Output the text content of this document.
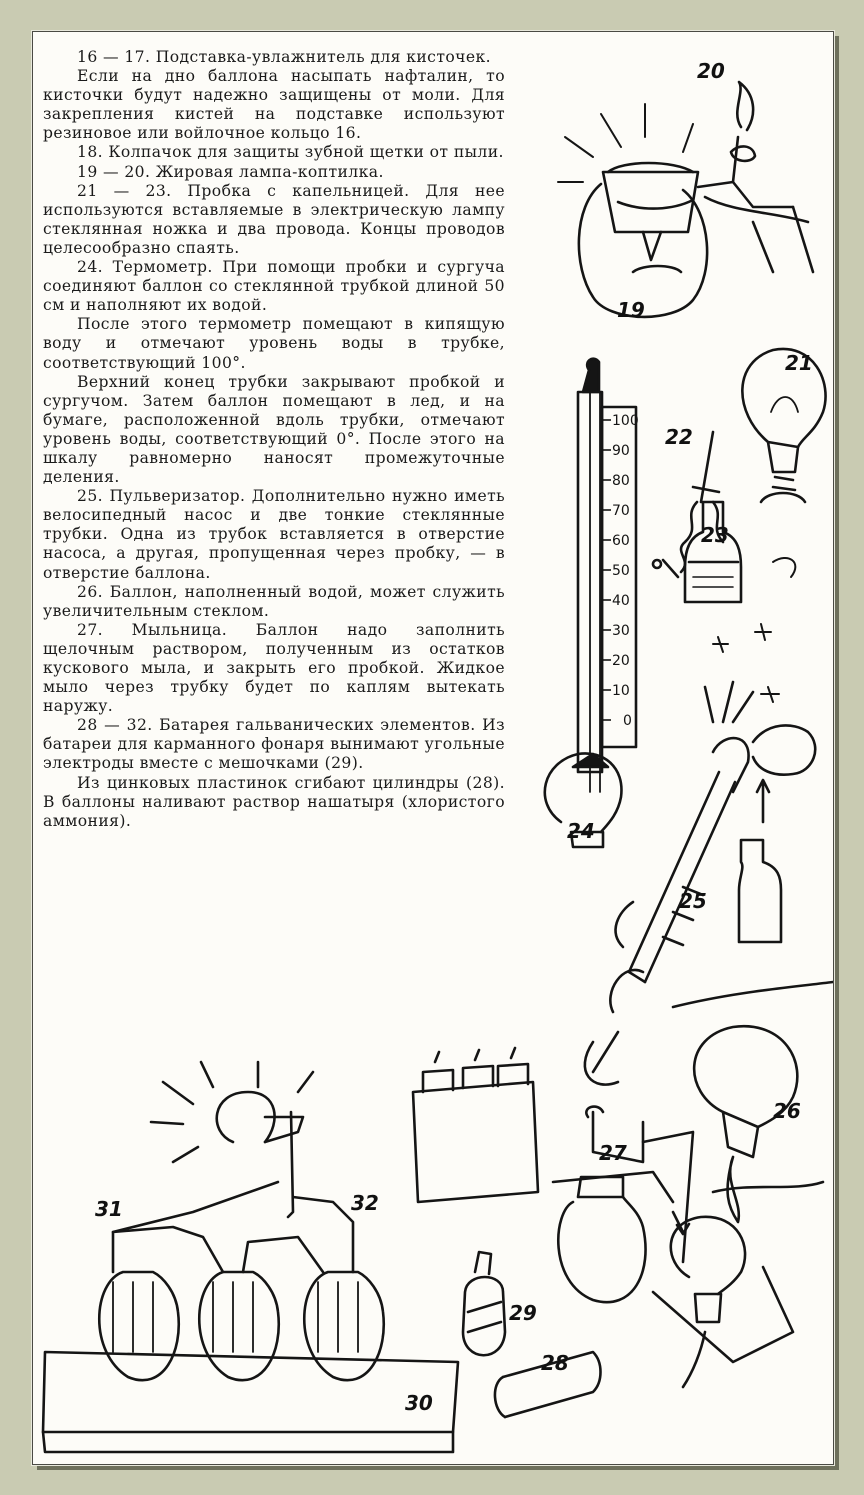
16 — 17. Подставка-увлажнитель для кисточек.

Если на дно баллона насыпать нафталин, то кисточки будут надежно защищены от моли. Для закрепления кистей на подставке используют резиновое или войлочное кольцо 16.

18. Колпачок для защиты зубной щетки от пыли.

19 — 20. Жировая лампа-коптилка.

21 — 23. Пробка с капельницей. Для нее используются вставляемые в электрическую лампу стеклянная ножка и два провода. Концы проводов целесообразно спаять.

24. Термометр. При помощи пробки и сургуча соединяют баллон со стеклянной трубкой длиной 50 см и наполняют их водой.

После этого термометр помещают в кипящую воду и отмечают уровень воды в трубке, соответствующий 100°.

Верхний конец трубки закрывают пробкой и сургучом. Затем баллон помещают в лед, и на бумаге, расположенной вдоль трубки, отмечают уровень воды, соответствующий 0°. После этого на шкалу равномерно наносят промежуточные деления.

25. Пульверизатор. Дополнительно нужно иметь велосипедный насос и две тонкие стеклянные трубки. Одна из трубок вставляется в отверстие насоса, а другая, пропущенная через пробку, — в отверстие баллона.

26. Баллон, наполненный водой, может служить увеличительным стеклом.

27. Мыльница. Баллон надо заполнить щелочным раствором, полученным из остатков кускового мыла, и закрыть его пробкой. Жидкое мыло через трубку будет по каплям вытекать наружу.

28 — 32. Батарея гальванических элементов. Из батареи для карманного фонаря вынимают угольные электроды вместе с мешочками (29).

Из цинковых пластинок сгибают цилиндры (28). В баллоны наливают раствор нашатыря (хлористого аммония).

100
90
80
70
60
50
40
30
20
10
0
19
20
21
22
23
24
25
26
27
28
29
30
31	32
